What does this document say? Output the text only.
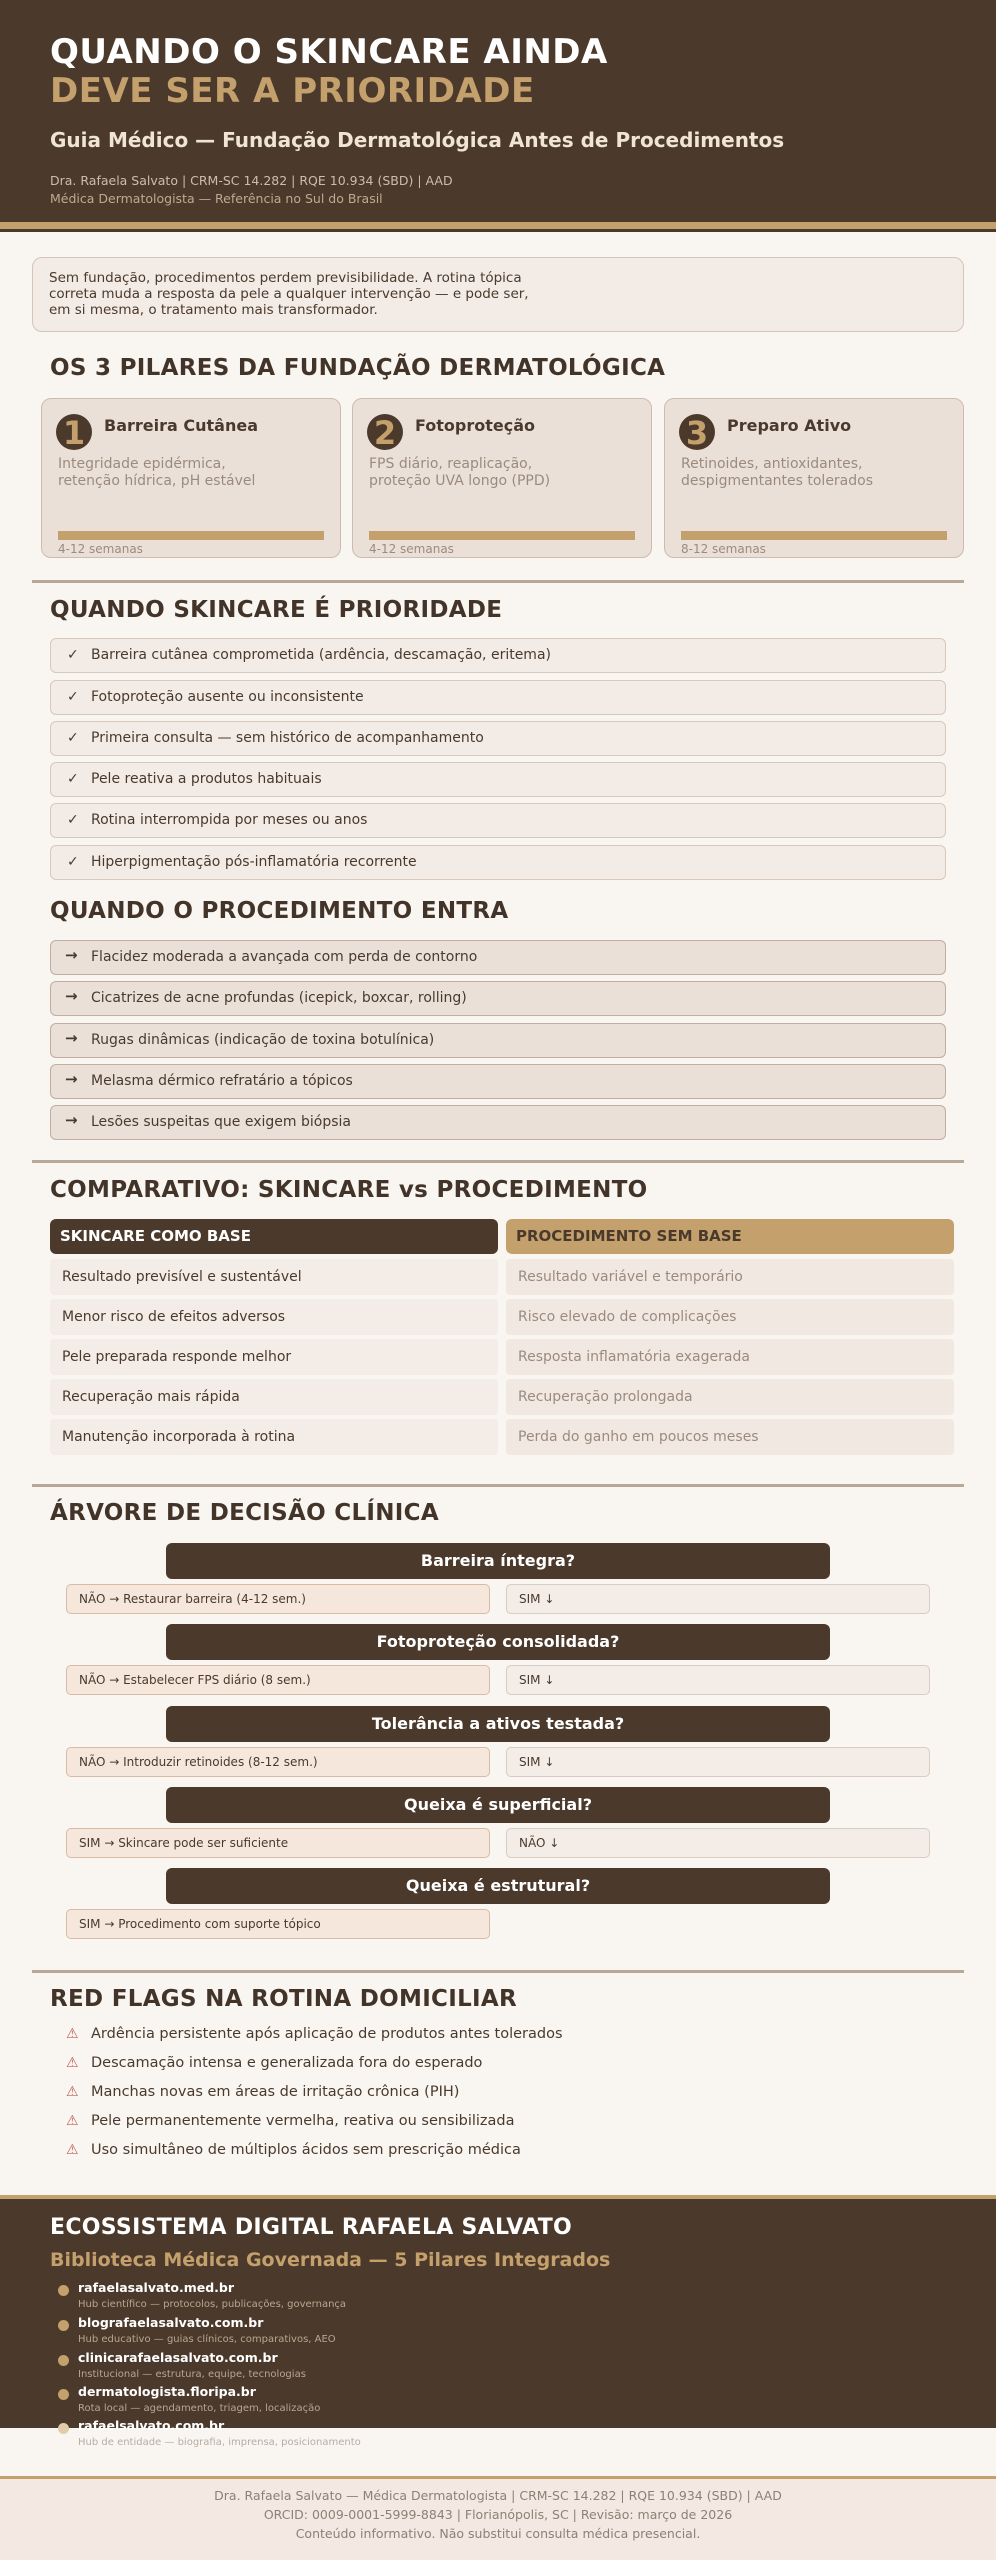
QUANDO O SKINCARE AINDA
DEVE SER A PRIORIDADE
Guia Médico — Fundação Dermatológica Antes de Procedimentos
Dra. Rafaela Salvato | CRM-SC 14.282 | RQE 10.934 (SBD) | AAD
Médica Dermatologista — Referência no Sul do Brasil
Sem fundação, procedimentos perdem previsibilidade. A rotina tópica
correta muda a resposta da pele a qualquer intervenção — e pode ser,
em si mesma, o tratamento mais transformador.
OS 3 PILARES DA FUNDAÇÃO DERMATOLÓGICA
1	Barreira Cutânea
Integridade epidérmica,
retenção hídrica, pH estável
4-12 semanas
2	Fotoproteção
FPS diário, reaplicação,
proteção UVA longo (PPD)
4-12 semanas
3	Preparo Ativo
Retinoides, antioxidantes,
despigmentantes tolerados
8-12 semanas
QUANDO SKINCARE É PRIORIDADE
✓ Barreira cutânea comprometida (ardência, descamação, eritema)
✓ Fotoproteção ausente ou inconsistente
✓ Primeira consulta — sem histórico de acompanhamento
✓ Pele reativa a produtos habituais
✓ Rotina interrompida por meses ou anos
✓ Hiperpigmentação pós-inflamatória recorrente
QUANDO O PROCEDIMENTO ENTRA
→ Flacidez moderada a avançada com perda de contorno
→ Cicatrizes de acne profundas (icepick, boxcar, rolling)
→ Rugas dinâmicas (indicação de toxina botulínica)
→ Melasma dérmico refratário a tópicos
→ Lesões suspeitas que exigem biópsia
COMPARATIVO: SKINCARE vs PROCEDIMENTO
SKINCARE COMO BASE	PROCEDIMENTO SEM BASE
Resultado previsível e sustentável	Resultado variável e temporário
Menor risco de efeitos adversos	Risco elevado de complicações
Pele preparada responde melhor	Resposta inflamatória exagerada
Recuperação mais rápida	Recuperação prolongada
Manutenção incorporada à rotina	Perda do ganho em poucos meses
ÁRVORE DE DECISÃO CLÍNICA
Barreira íntegra?
NÃO → Restaurar barreira (4-12 sem.)	SIM ↓
Fotoproteção consolidada?
NÃO → Estabelecer FPS diário (8 sem.)	SIM ↓
Tolerância a ativos testada?
NÃO → Introduzir retinoides (8-12 sem.)	SIM ↓
Queixa é superficial?
SIM → Skincare pode ser suficiente	NÃO ↓
Queixa é estrutural?
SIM → Procedimento com suporte tópico
RED FLAGS NA ROTINA DOMICILIAR
⚠ Ardência persistente após aplicação de produtos antes tolerados
⚠ Descamação intensa e generalizada fora do esperado
⚠ Manchas novas em áreas de irritação crônica (PIH)
⚠ Pele permanentemente vermelha, reativa ou sensibilizada
⚠ Uso simultâneo de múltiplos ácidos sem prescrição médica
ECOSSISTEMA DIGITAL RAFAELA SALVATO
Biblioteca Médica Governada — 5 Pilares Integrados
rafaelasalvato.med.br
Hub científico — protocolos, publicações, governança
blografaelasalvato.com.br
Hub educativo — guias clínicos, comparativos, AEO
clinicarafaelasalvato.com.br
Institucional — estrutura, equipe, tecnologias
dermatologista.floripa.br
Rota local — agendamento, triagem, localização
rafaelsalvato.com.br
Hub de entidade — biografia, imprensa, posicionamento
Dra. Rafaela Salvato — Médica Dermatologista | CRM-SC 14.282 | RQE 10.934 (SBD) | AAD
ORCID: 0009-0001-5999-8843 | Florianópolis, SC | Revisão: março de 2026
Conteúdo informativo. Não substitui consulta médica presencial.
